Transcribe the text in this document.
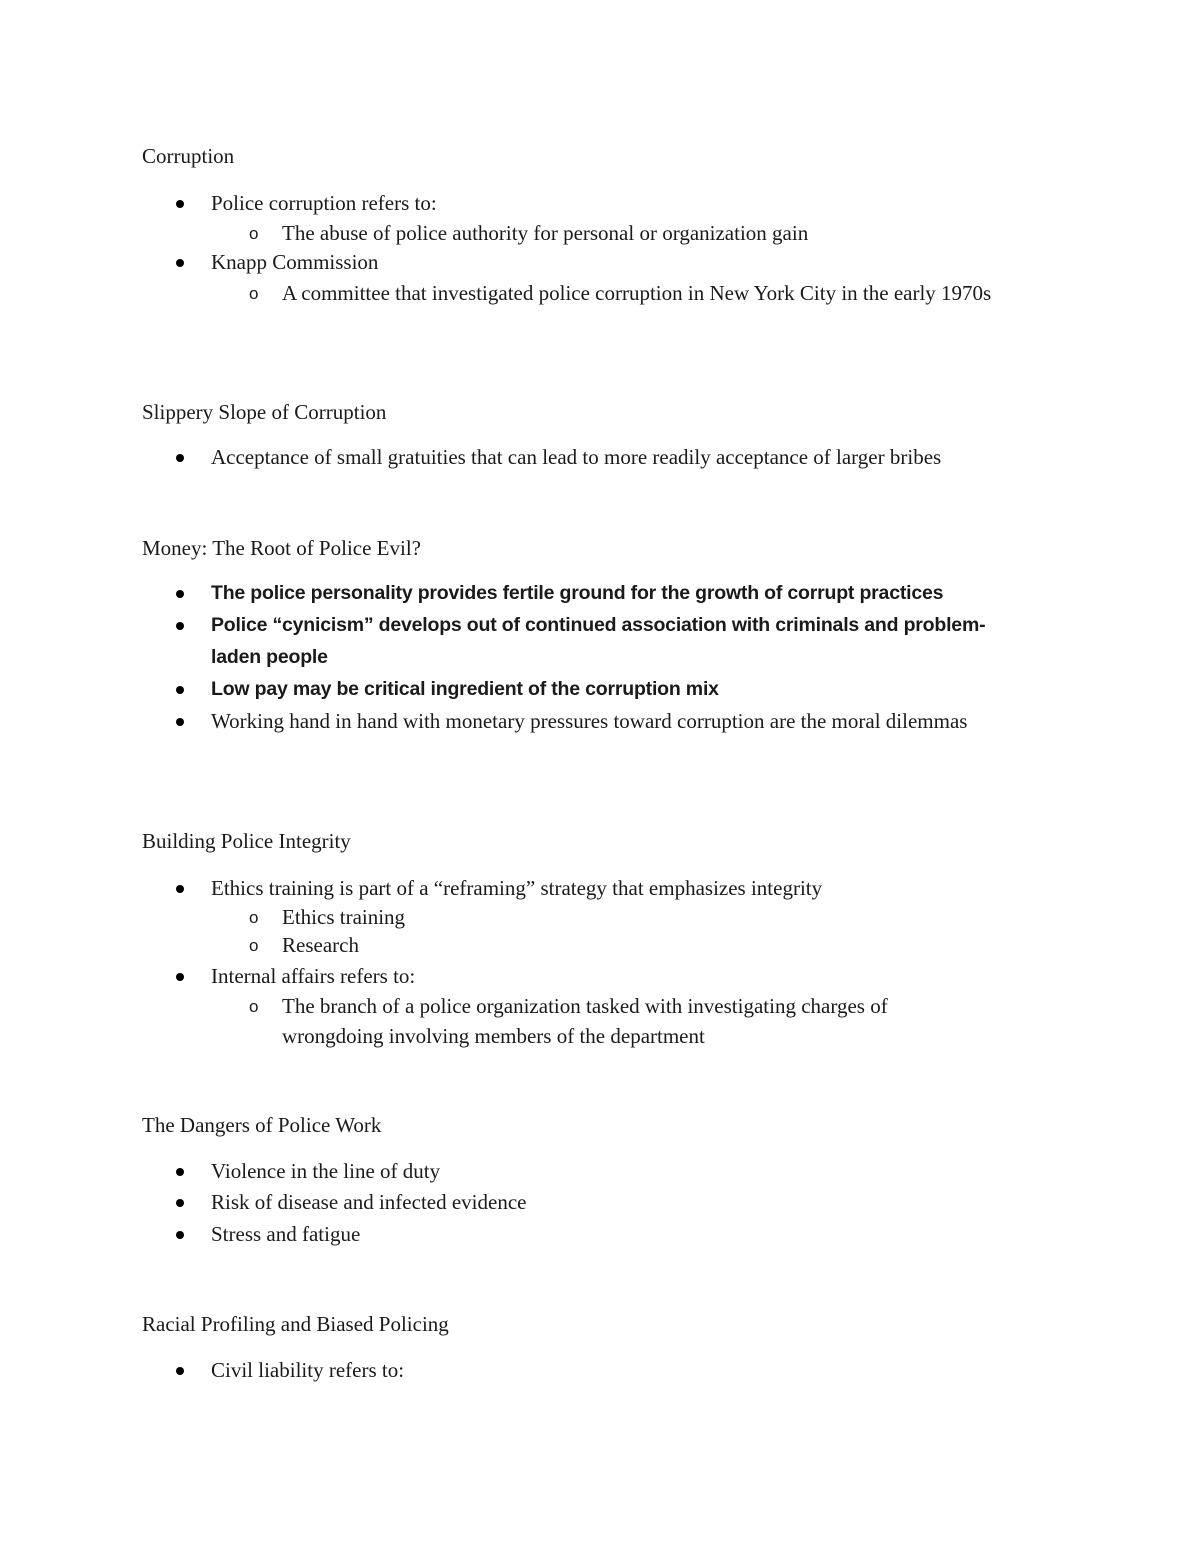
Corruption
Police corruption refers to:
o The abuse of police authority for personal or organization gain
Knapp Commission
o A committee that investigated police corruption in New York City in the early 1970s
Slippery Slope of Corruption
Acceptance of small gratuities that can lead to more readily acceptance of larger bribes
Money: The Root of Police Evil?
The police personality provides fertile ground for the growth of corrupt practices
Police “cynicism” develops out of continued association with criminals and problem-laden people
Low pay may be critical ingredient of the corruption mix
Working hand in hand with monetary pressures toward corruption are the moral dilemmas
Building Police Integrity
Ethics training is part of a “reframing” strategy that emphasizes integrity
o Ethics training
o Research
Internal affairs refers to:
o The branch of a police organization tasked with investigating charges of wrongdoing involving members of the department
The Dangers of Police Work
Violence in the line of duty
Risk of disease and infected evidence
Stress and fatigue
Racial Profiling and Biased Policing
Civil liability refers to:
